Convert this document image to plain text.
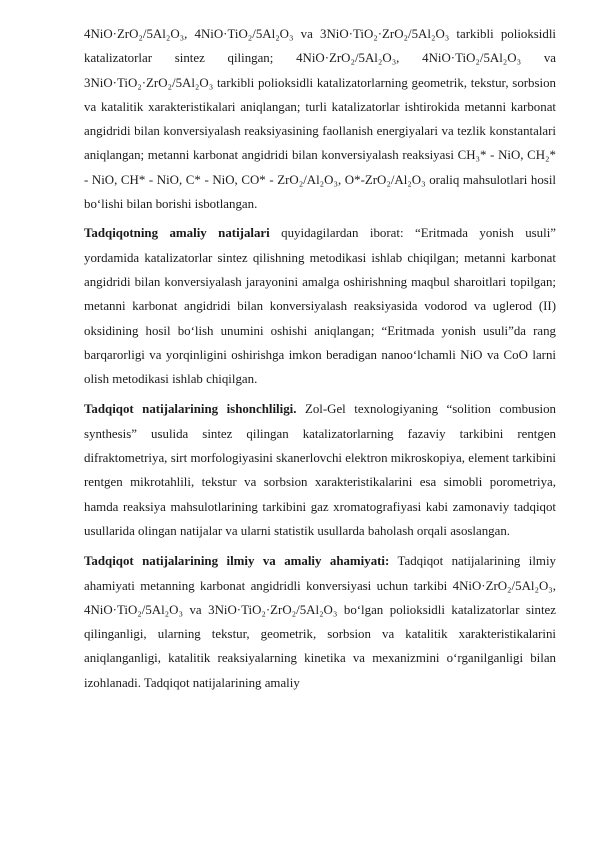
4NiO·ZrO₂/5Al₂O₃, 4NiO·TiO₂/5Al₂O₃ va 3NiO·TiO₂·ZrO₂/5Al₂O₃ tarkibli polioksidli katalizatorlar sintez qilingan; 4NiO·ZrO₂/5Al₂O₃, 4NiO·TiO₂/5Al₂O₃ va 3NiO·TiO₂·ZrO₂/5Al₂O₃ tarkibli polioksidli katalizatorlarning geometrik, tekstur, sorbsion va katalitik xarakteristikalari aniqlangan; turli katalizatorlar ishtirokida metanni karbonat angidridi bilan konversiyalash reaksiyasining faollanish energiyalari va tezlik konstantalari aniqlangan; metanni karbonat angidridi bilan konversiyalash reaksiyasi CH₃* - NiO, CH₂* - NiO, CH* - NiO, C* - NiO, CO* - ZrO₂/Al₂O₃, O*-ZrO₂/Al₂O₃ oraliq mahsulotlari hosil bo‘lishi bilan borishi isbotlangan.

Tadqiqotning amaliy natijalari quyidagilardan iborat: “Eritmada yonish usuli” yordamida katalizatorlar sintez qilishning metodikasi ishlab chiqilgan; metanni karbonat angidridi bilan konversiyalash jarayonini amalga oshirishning maqbul sharoitlari topilgan; metanni karbonat angidridi bilan konversiyalash reaksiyasida vodorod va uglerod (II) oksidining hosil bo‘lish unumini oshishi aniqlangan; “Eritmada yonish usuli”da rang barqarorligi va yorqinligini oshirishga imkon beradigan nanoo‘lchamli NiO va CoO larni olish metodikasi ishlab chiqilgan.

Tadqiqot natijalarining ishonchliligi. Zol-Gel texnologiyaning “solition combusion synthesis” usulida sintez qilingan katalizatorlarning fazaviy tarkibini rentgen difraktometriya, sirt morfologiyasini skanerlovchi elektron mikroskopiya, element tarkibini rentgen mikrotahlili, tekstur va sorbsion xarakteristikalarini esa simobli porometriya, hamda reaksiya mahsulotlarining tarkibini gaz xromatografiyasi kabi zamonaviy tadqiqot usullarida olingan natijalar va ularni statistik usullarda baholash orqali asoslangan.

Tadqiqot natijalarining ilmiy va amaliy ahamiyati: Tadqiqot natijalarining ilmiy ahamiyati metanning karbonat angidridli konversiyasi uchun tarkibi 4NiO·ZrO₂/5Al₂O₃, 4NiO·TiO₂/5Al₂O₃ va 3NiO·TiO₂·ZrO₂/5Al₂O₃ bo‘lgan polioksidli katalizatorlar sintez qilinganligi, ularning tekstur, geometrik, sorbsion va katalitik xarakteristikalarini aniqlanganligi, katalitik reaksiyalarning kinetika va mexanizmini o‘rganilganligi bilan izohlanadi. Tadqiqot natijalarining amaliy
